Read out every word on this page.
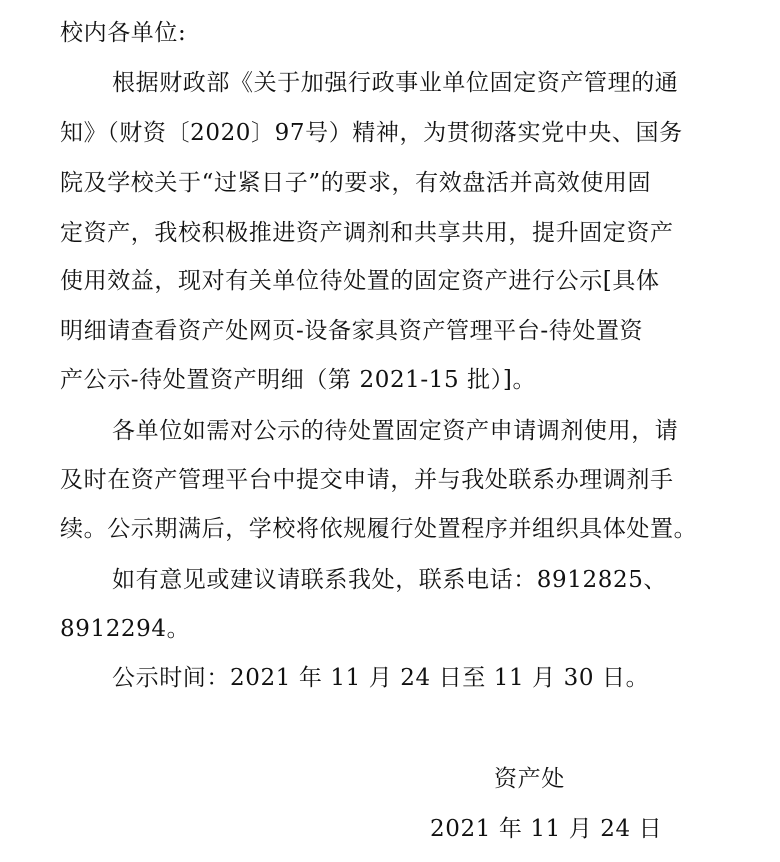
校内各单位:
根据财政部《关于加强行政事业单位固定资产管理的通
知》（财资〔2020〕97号）精神，为贯彻落实党中央、国务
院及学校关于“过紧日子”的要求，有效盘活并高效使用固
定资产，我校积极推进资产调剂和共享共用，提升固定资产
使用效益，现对有关单位待处置的固定资产进行公示[具体
明细请查看资产处网页-设备家具资产管理平台-待处置资
产公示-待处置资产明细（第 2021-15 批）]。
各单位如需对公示的待处置固定资产申请调剂使用，请
及时在资产管理平台中提交申请，并与我处联系办理调剂手
续。公示期满后，学校将依规履行处置程序并组织具体处置。
如有意见或建议请联系我处，联系电话：8912825、
8912294。
公示时间：2021 年 11 月 24 日至 11 月 30 日。
资产处
2021 年 11 月 24 日
